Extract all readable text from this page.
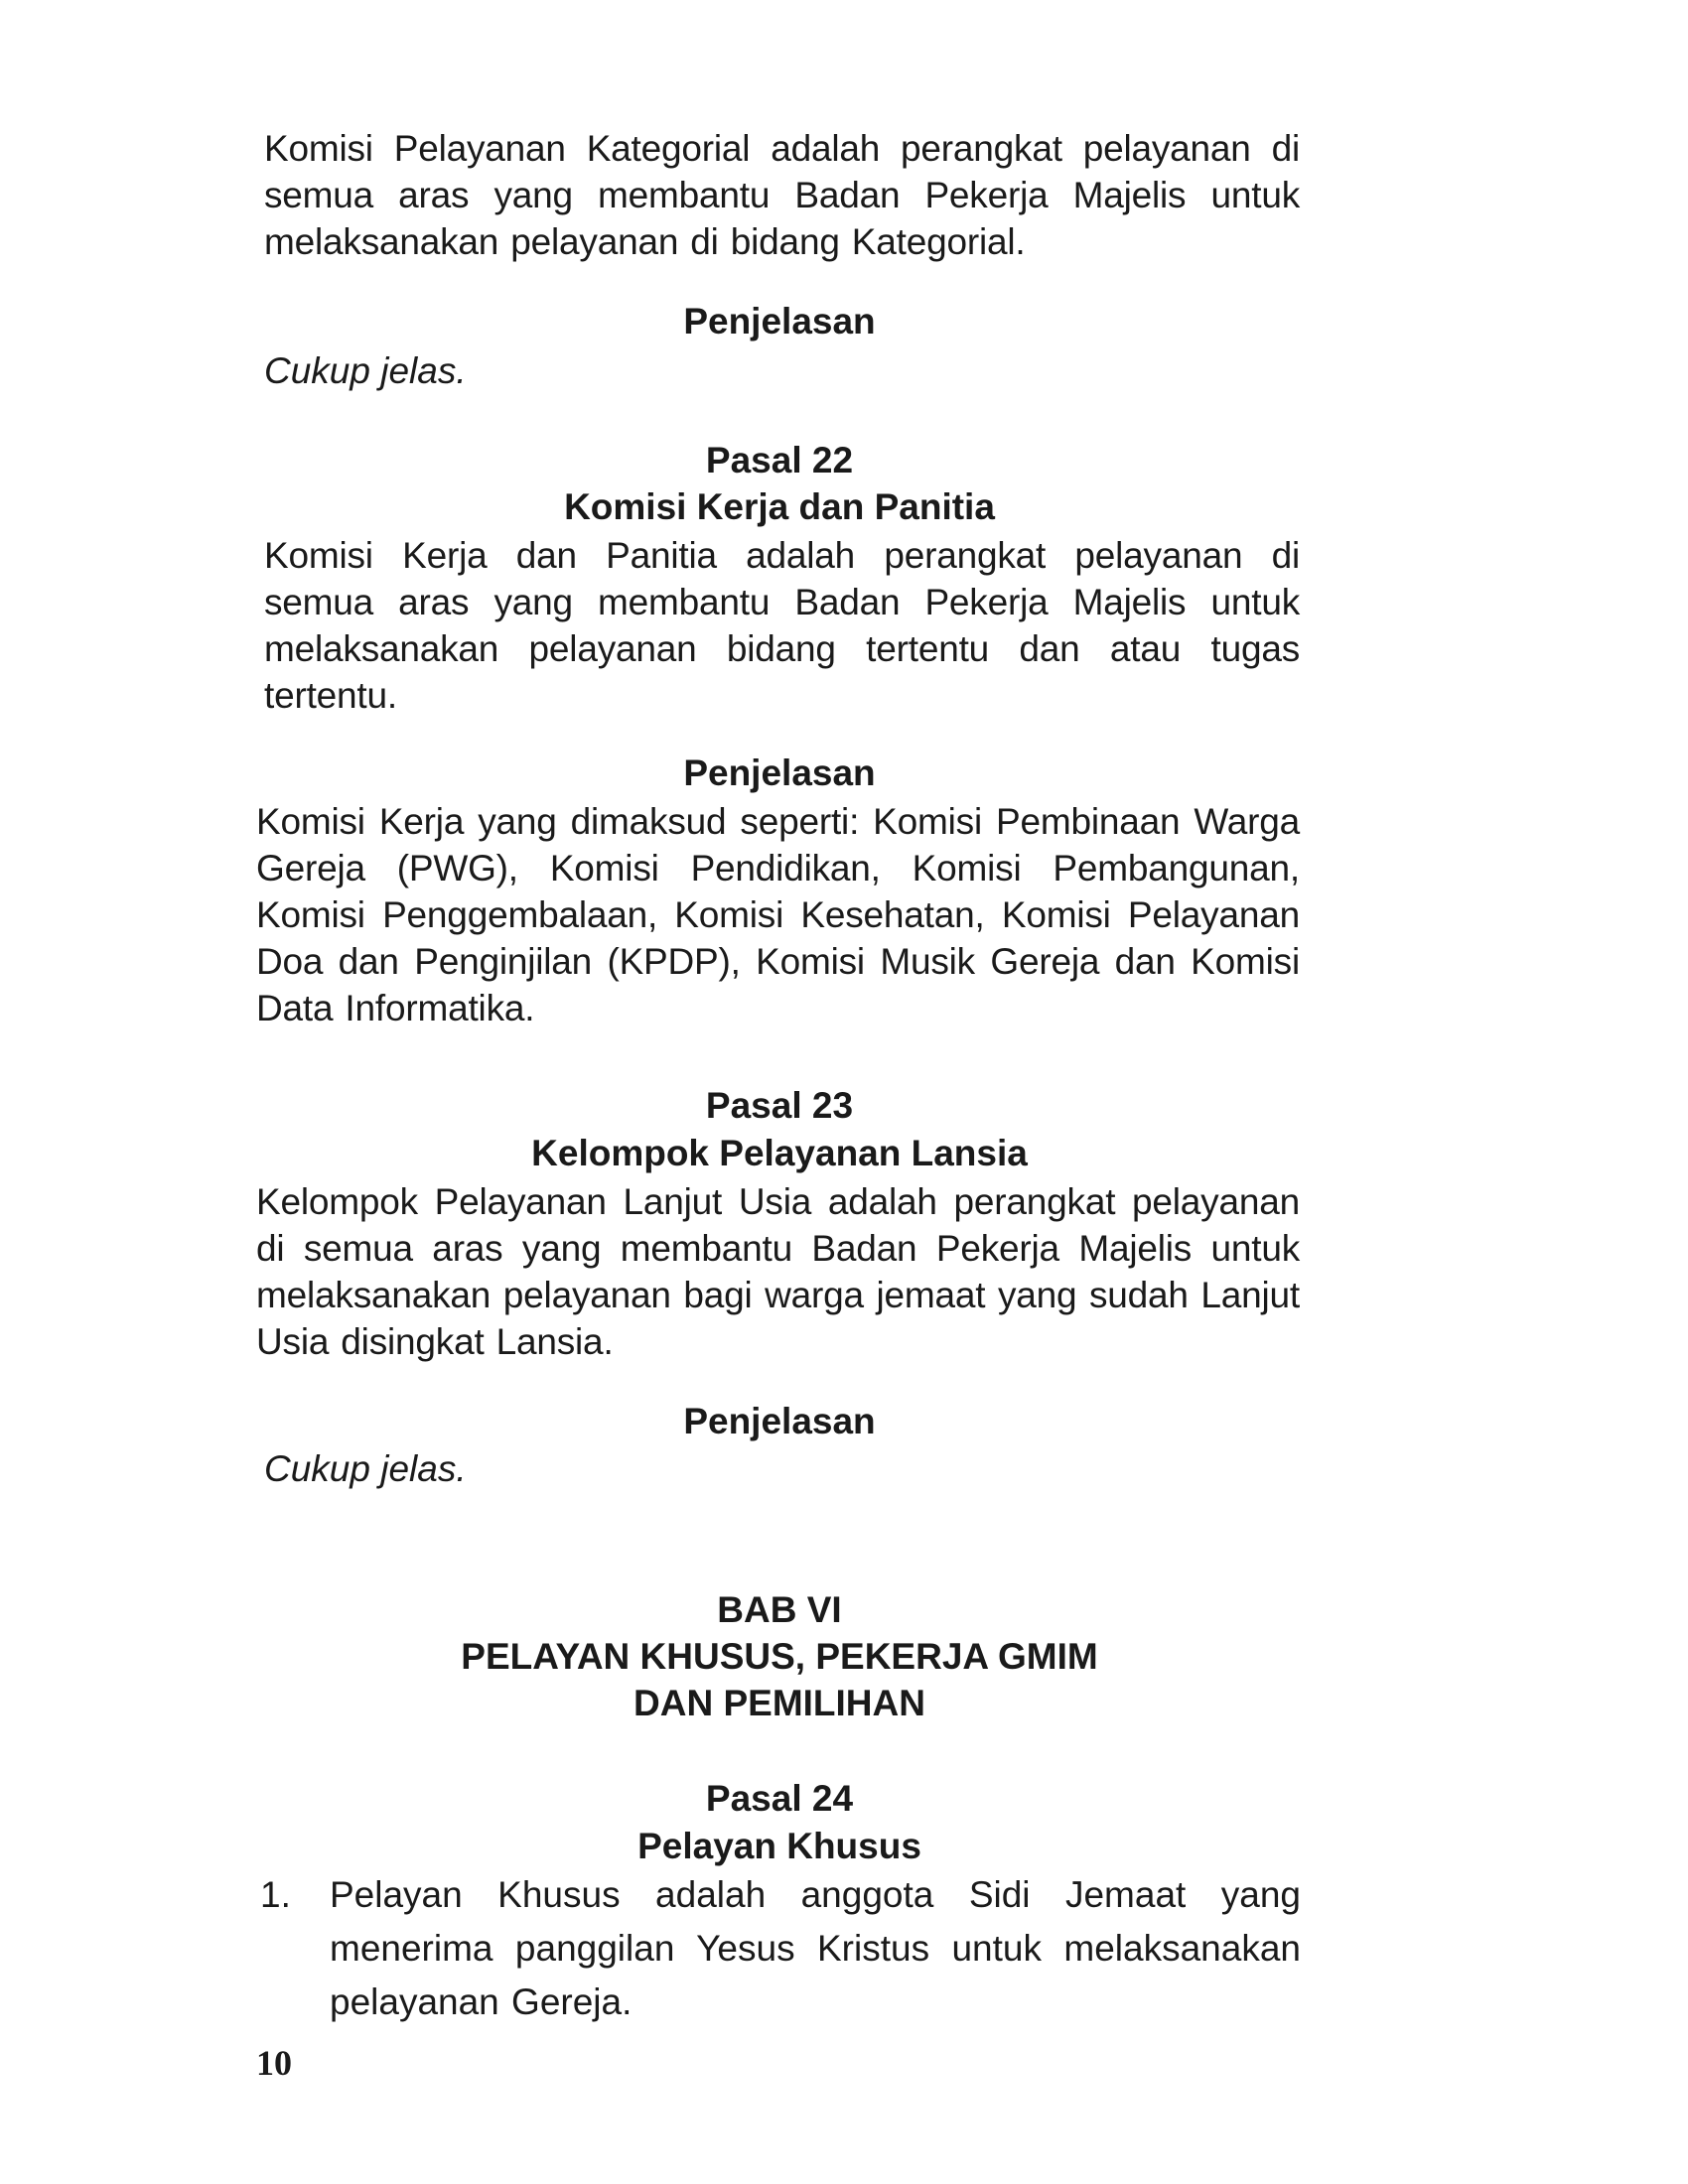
Komisi Pelayanan Kategorial adalah perangkat pelayanan di semua aras yang membantu Badan Pekerja Majelis untuk melaksanakan pelayanan di bidang Kategorial.

Penjelasan

Cukup jelas.

Pasal 22

Komisi Kerja dan Panitia

Komisi Kerja dan Panitia adalah perangkat pelayanan di semua aras yang membantu Badan Pekerja Majelis untuk melaksanakan pelayanan bidang tertentu dan atau tugas tertentu.

Penjelasan

Komisi Kerja yang dimaksud seperti: Komisi Pembinaan Warga Gereja (PWG), Komisi Pendidikan, Komisi Pembangunan, Komisi Penggembalaan, Komisi Kesehatan, Komisi Pelayanan Doa dan Penginjilan (KPDP), Komisi Musik Gereja dan Komisi Data Informatika.

Pasal 23

Kelompok Pelayanan Lansia

Kelompok Pelayanan Lanjut Usia adalah perangkat pelayanan di semua aras yang membantu Badan Pekerja Majelis untuk melaksanakan pelayanan bagi warga jemaat yang sudah Lanjut Usia disingkat Lansia.

Penjelasan

Cukup jelas.

BAB VI

PELAYAN KHUSUS, PEKERJA GMIM

DAN PEMILIHAN

Pasal 24

Pelayan Khusus

1.	Pelayan Khusus adalah anggota Sidi Jemaat yang menerima panggilan Yesus Kristus untuk melaksanakan pelayanan Gereja.
10
